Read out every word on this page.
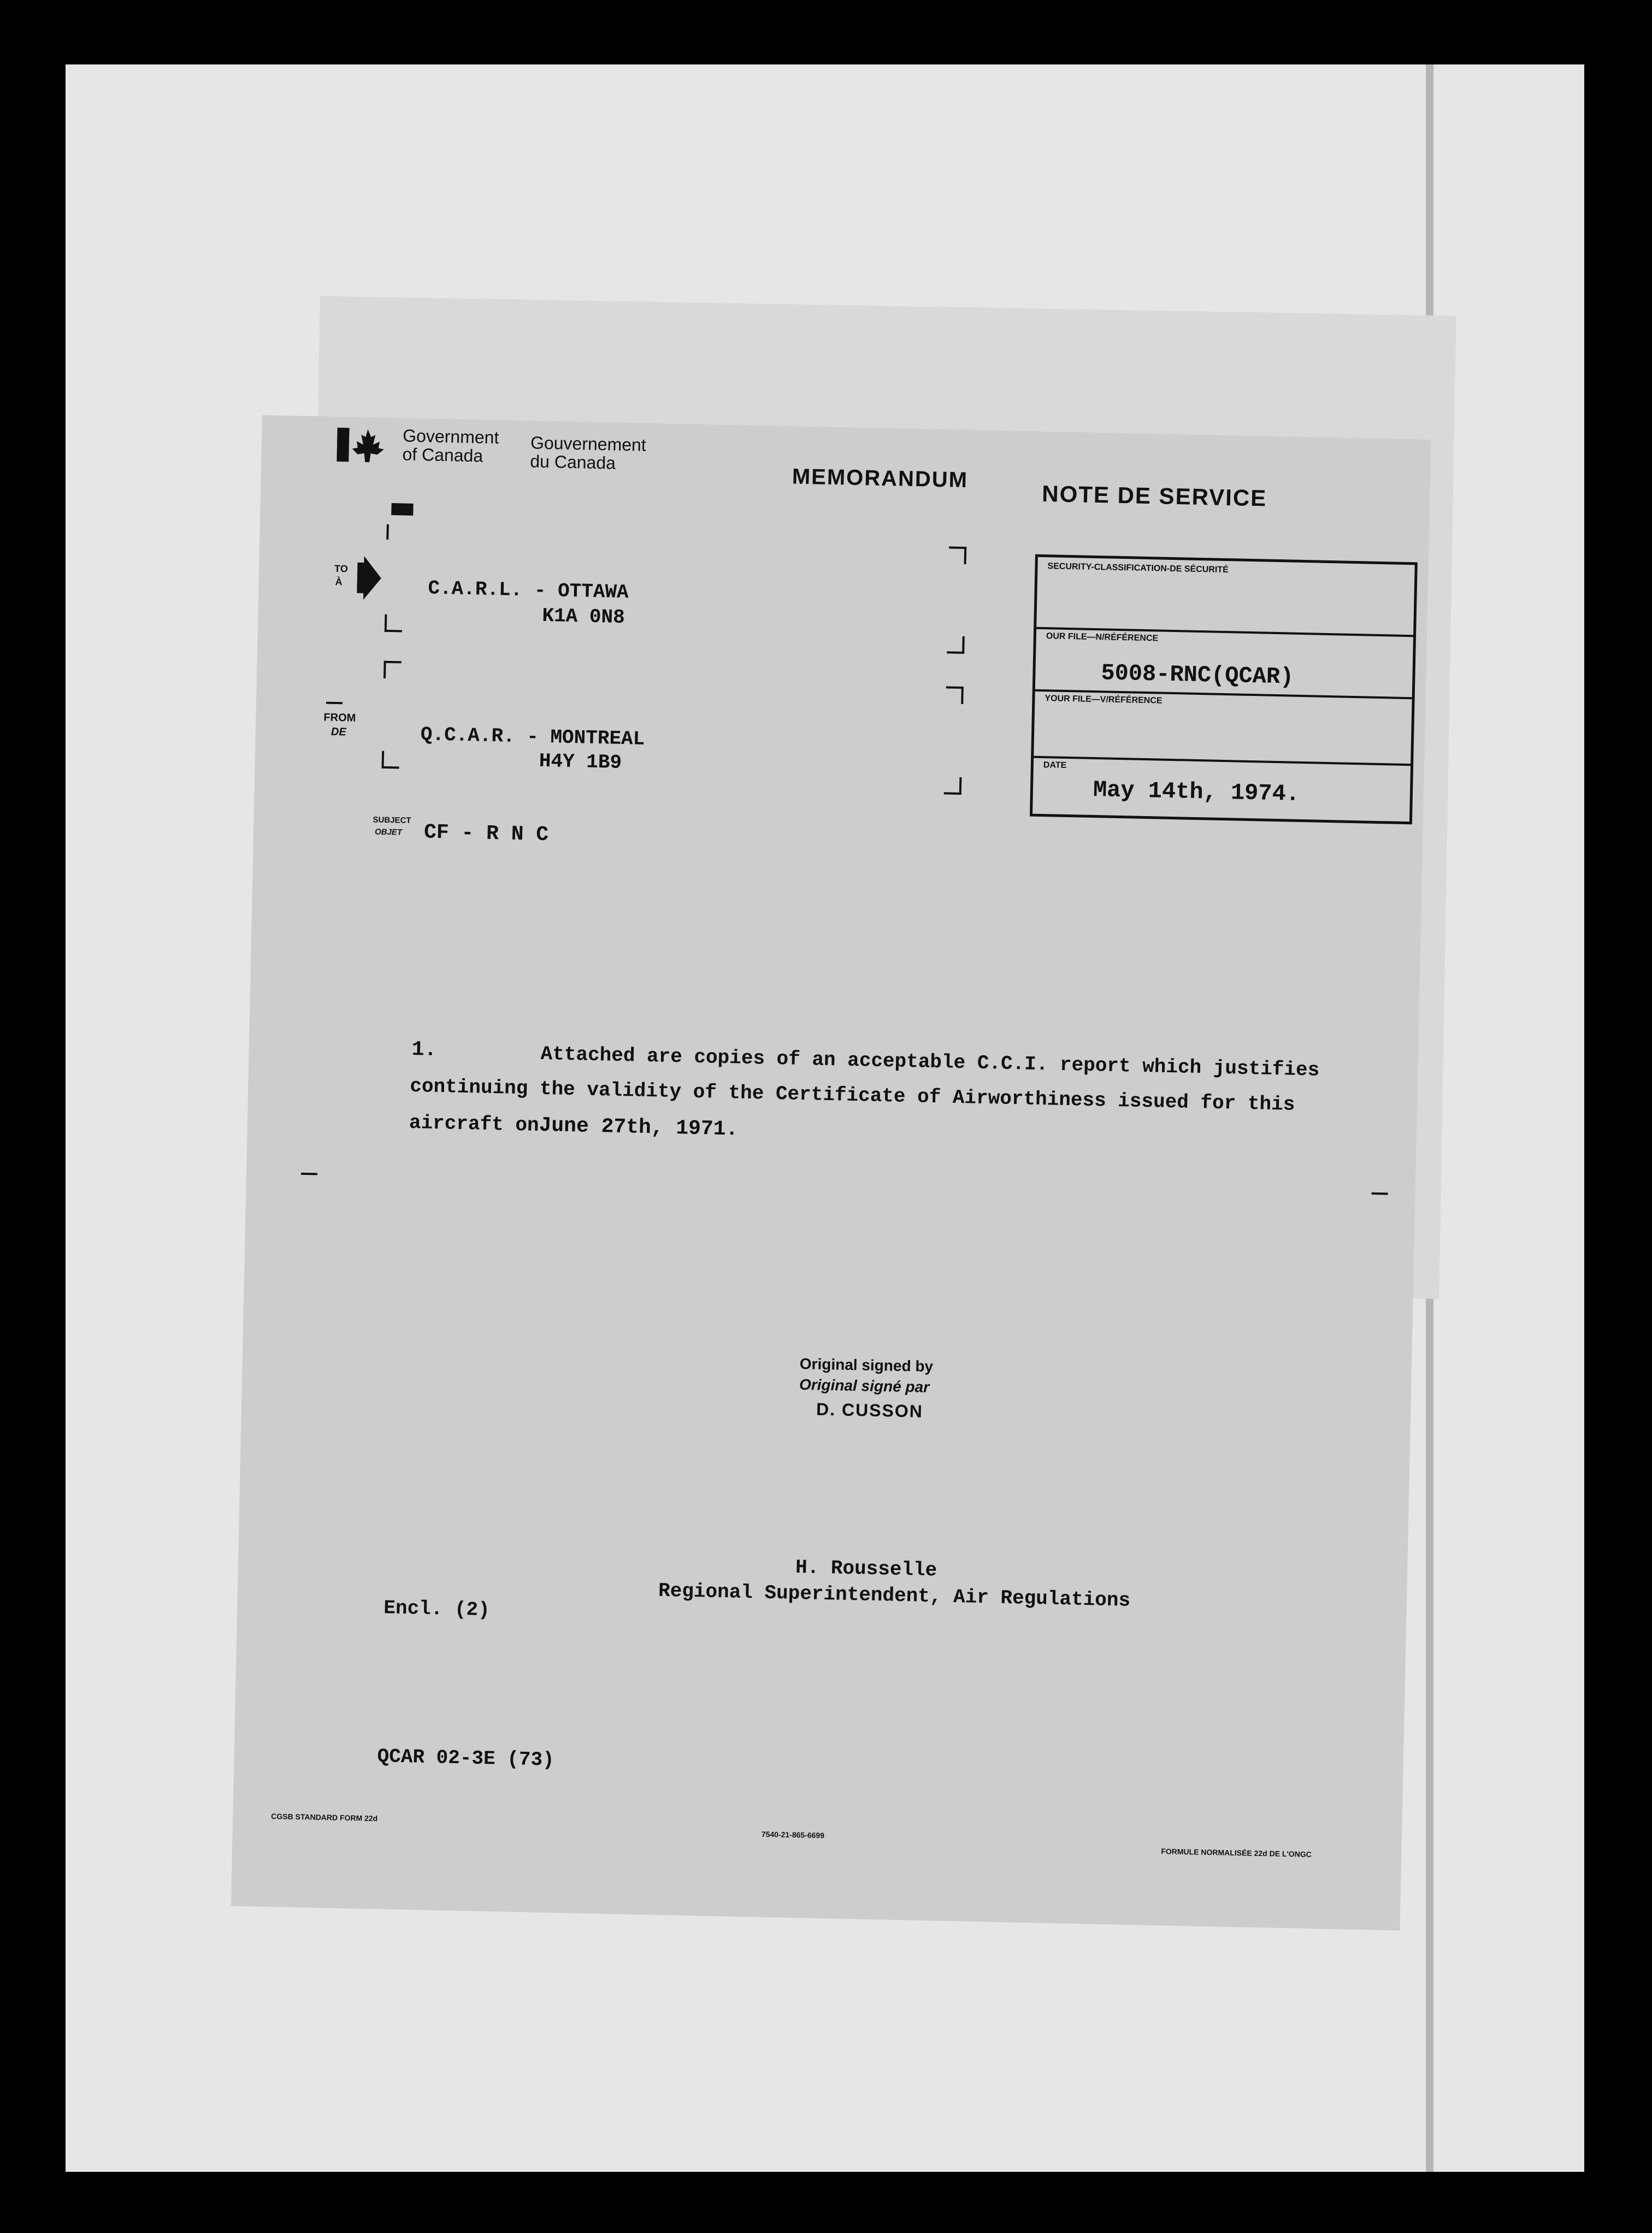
Government
of Canada
Gouvernement
du Canada
MEMORANDUM
NOTE DE SERVICE
TO
À	C.A.R.L. - OTTAWA
K1A 0N8
FROM
DE	Q.C.A.R. - MONTREAL
H4Y 1B9
SUBJECT
OBJET CF - R N C
SECURITY-CLASSIFICATION-DE SÉCURITÉ
OUR FILE—N/RÉFÉRENCE
5008-RNC(QCAR)
YOUR FILE—V/RÉFÉRENCE
DATE
May 14th, 1974.
1.	Attached are copies of an acceptable C.C.I. report which justifies
continuing the validity of the Certificate of Airworthiness issued for this
aircraft onJune 27th, 1971.
Original signed by
Original signé par
D. CUSSON
H. Rousselle
Regional Superintendent, Air Regulations
Encl. (2)
QCAR 02-3E (73)
CGSB STANDARD FORM 22d
7540-21-865-6699
FORMULE NORMALISÉE 22d DE L'ONGC
